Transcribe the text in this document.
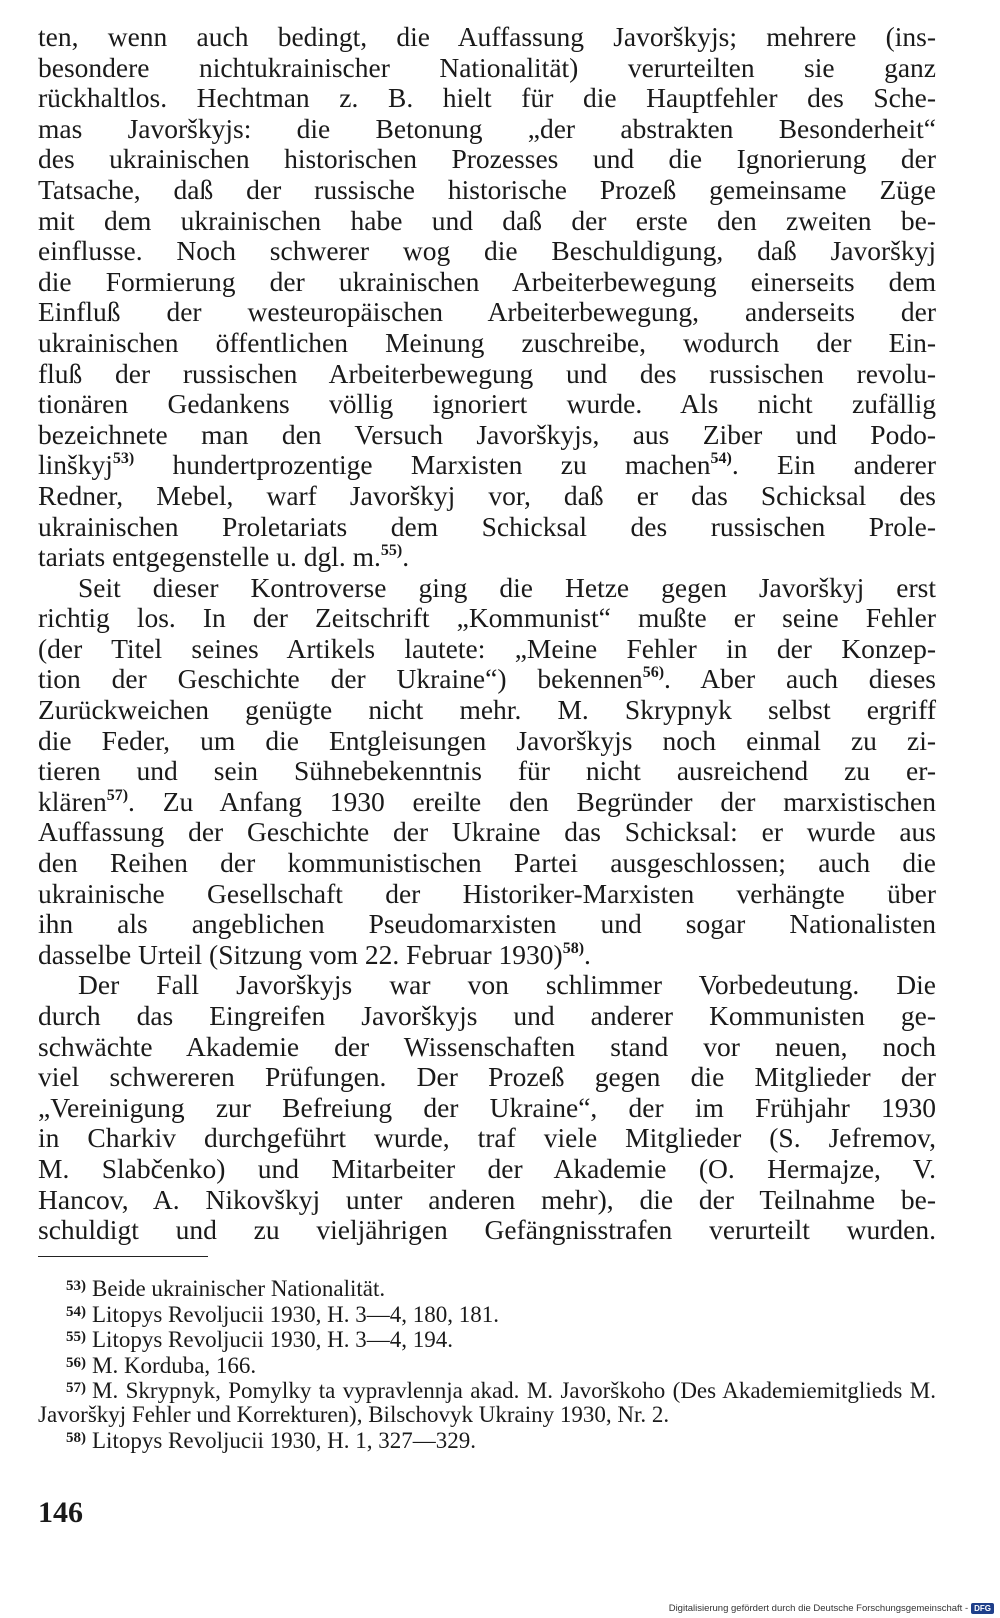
ten, wenn auch bedingt, die Auffassung Javorškyjs; mehrere (ins-
besondere nichtukrainischer Nationalität) verurteilten sie ganz
rückhaltlos. Hechtman z. B. hielt für die Hauptfehler des Sche-
mas Javorškyjs: die Betonung „der abstrakten Besonderheit“
des ukrainischen historischen Prozesses und die Ignorierung der
Tatsache, daß der russische historische Prozeß gemeinsame Züge
mit dem ukrainischen habe und daß der erste den zweiten be-
einflusse. Noch schwerer wog die Beschuldigung, daß Javorškyj
die Formierung der ukrainischen Arbeiterbewegung einerseits dem
Einfluß der westeuropäischen Arbeiterbewegung, anderseits der
ukrainischen öffentlichen Meinung zuschreibe, wodurch der Ein-
fluß der russischen Arbeiterbewegung und des russischen revolu-
tionären Gedankens völlig ignoriert wurde. Als nicht zufällig
bezeichnete man den Versuch Javorškyjs, aus Ziber und Podo-
linškyj$^{53)}$ hundertprozentige Marxisten zu machen$^{54)}$. Ein anderer
Redner, Mebel, warf Javorškyj vor, daß er das Schicksal des
ukrainischen Proletariats dem Schicksal des russischen Prole-
tariats entgegenstelle u. dgl. m.$^{55)}$.

Seit dieser Kontroverse ging die Hetze gegen Javorškyj erst
richtig los. In der Zeitschrift „Kommunist“ mußte er seine Fehler
(der Titel seines Artikels lautete: „Meine Fehler in der Konzep-
tion der Geschichte der Ukraine“) bekennen$^{56)}$. Aber auch dieses
Zurückweichen genügte nicht mehr. M. Skrypnyk selbst ergriff
die Feder, um die Entgleisungen Javorškyjs noch einmal zu zi-
tieren und sein Sühnebekenntnis für nicht ausreichend zu er-
klären$^{57)}$. Zu Anfang 1930 ereilte den Begründer der marxistischen
Auffassung der Geschichte der Ukraine das Schicksal: er wurde aus
den Reihen der kommunistischen Partei ausgeschlossen; auch die
ukrainische Gesellschaft der Historiker-Marxisten verhängte über
ihn als angeblichen Pseudomarxisten und sogar Nationalisten
dasselbe Urteil (Sitzung vom 22. Februar 1930)$^{58)}$.

Der Fall Javorškyjs war von schlimmer Vorbedeutung. Die
durch das Eingreifen Javorškyjs und anderer Kommunisten ge-
schwächte Akademie der Wissenschaften stand vor neuen, noch
viel schwereren Prüfungen. Der Prozeß gegen die Mitglieder der
„Vereinigung zur Befreiung der Ukraine“, der im Frühjahr 1930
in Charkiv durchgeführt wurde, traf viele Mitglieder (S. Jefremov,
M. Slabčenko) und Mitarbeiter der Akademie (O. Hermajze, V.
Hancov, A. Nikovškyj unter anderen mehr), die der Teilnahme be-
schuldigt und zu vieljährigen Gefängnisstrafen verurteilt wurden.

$^{53)}$ Beide ukrainischer Nationalität.

$^{54)}$ Litopys Revoljucii 1930, H. 3—4, 180, 181.

$^{55)}$ Litopys Revoljucii 1930, H. 3—4, 194.

$^{56)}$ M. Korduba, 166.

$^{57)}$ M. Skrypnyk, Pomylky ta vypravlennja akad. M. Javorškoho (Des Akademiemitglieds M. Javorškyj Fehler und Korrekturen), Bilschovyk Ukrainy 1930, Nr. 2.

$^{58)}$ Litopys Revoljucii 1930, H. 1, 327—329.

146
Digitalisierung gefördert durch die Deutsche Forschungsgemeinschaft - DFG
